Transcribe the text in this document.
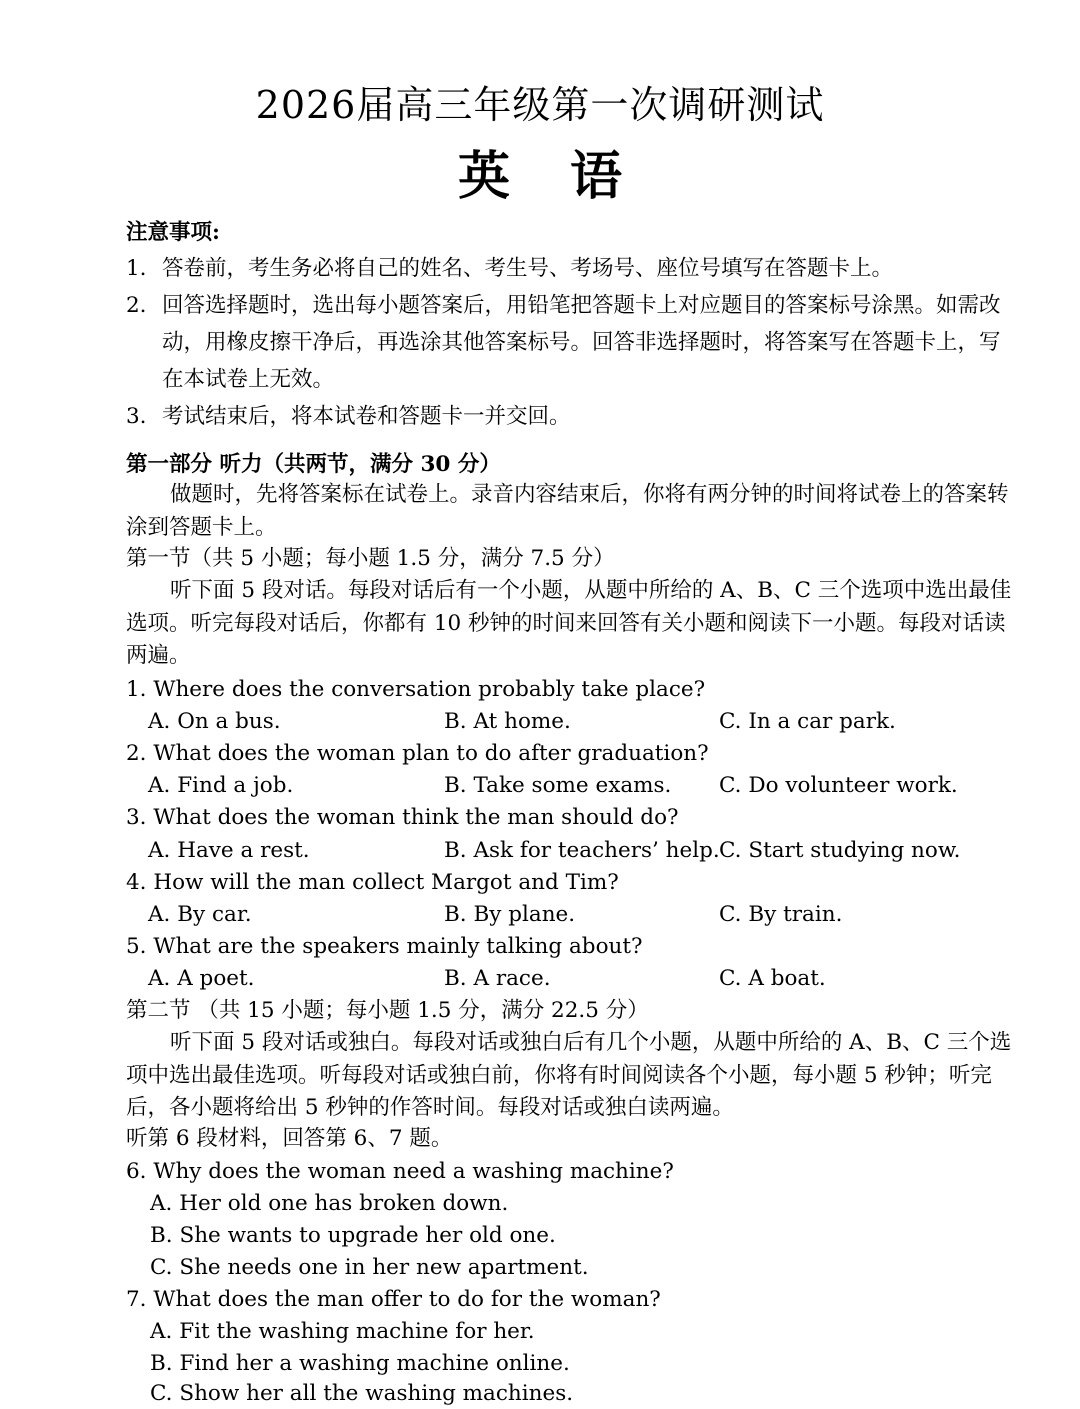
2026届高三年级第一次调研测试
英语
注意事项:
1. 答卷前，考生务必将自己的姓名、考生号、考场号、座位号填写在答题卡上。
2. 回答选择题时，选出每小题答案后，用铅笔把答题卡上对应题目的答案标号涂黑。如需改动，用橡皮擦干净后，再选涂其他答案标号。回答非选择题时，将答案写在答题卡上，写在本试卷上无效。
3. 考试结束后，将本试卷和答题卡一并交回。
第一部分 听力（共两节，满分 30 分）
做题时，先将答案标在试卷上。录音内容结束后，你将有两分钟的时间将试卷上的答案转涂到答题卡上。
第一节（共 5 小题；每小题 1.5 分，满分 7.5 分）
听下面 5 段对话。每段对话后有一个小题，从题中所给的 A、B、C 三个选项中选出最佳选项。听完每段对话后，你都有 10 秒钟的时间来回答有关小题和阅读下一小题。每段对话读两遍。
1. Where does the conversation probably take place?
A. On a bus.	B. At home.	C. In a car park.
2. What does the woman plan to do after graduation?
A. Find a job.	B. Take some exams. C. Do volunteer work.
3. What does the woman think the man should do?
A. Have a rest.	B. Ask for teachers’ help. C. Start studying now.
4. How will the man collect Margot and Tim?
A. By car.	B. By plane.	C. By train.
5. What are the speakers mainly talking about?
A. A poet.	B. A race.	C. A boat.
第二节 （共 15 小题；每小题 1.5 分，满分 22.5 分）
听下面 5 段对话或独白。每段对话或独白后有几个小题，从题中所给的 A、B、C 三个选项中选出最佳选项。听每段对话或独白前，你将有时间阅读各个小题，每小题 5 秒钟；听完后，各小题将给出 5 秒钟的作答时间。每段对话或独白读两遍。
听第 6 段材料，回答第 6、7 题。
6. Why does the woman need a washing machine?
A. Her old one has broken down.
B. She wants to upgrade her old one.
C. She needs one in her new apartment.
7. What does the man offer to do for the woman?
A. Fit the washing machine for her.
B. Find her a washing machine online.
C. Show her all the washing machines.
